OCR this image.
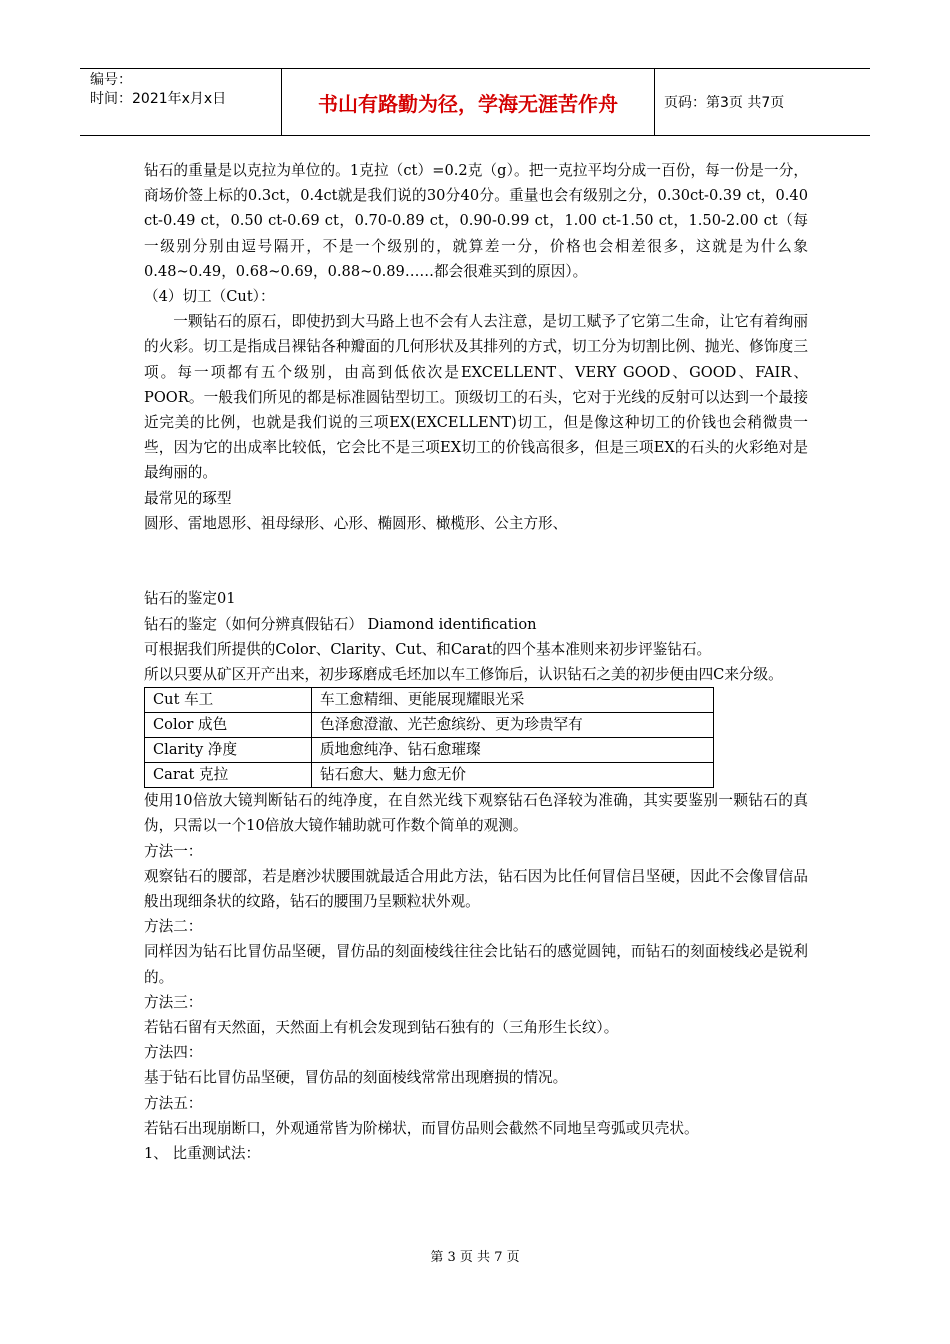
编号：
时间：2021年x月x日	书山有路勤为径，学海无涯苦作舟	页码：第3页 共7页

钻石的重量是以克拉为单位的。1克拉（ct）=0.2克（g）。把一克拉平均分成一百份，每一份是一分，商场价签上标的0.3ct，0.4ct就是我们说的30分40分。重量也会有级别之分，0.30ct-0.39 ct，0.40 ct-0.49 ct，0.50 ct-0.69 ct，0.70-0.89 ct，0.90-0.99 ct，1.00 ct-1.50 ct，1.50-2.00 ct（每一级别分别由逗号隔开，不是一个级别的，就算差一分，价格也会相差很多，这就是为什么象0.48~0.49，0.68~0.69，0.88~0.89……都会很难买到的原因）。

（4）切工（Cut）：

一颗钻石的原石，即使扔到大马路上也不会有人去注意，是切工赋予了它第二生命，让它有着绚丽的火彩。切工是指成吕裸钻各种瓣面的几何形状及其排列的方式，切工分为切割比例、抛光、修饰度三项。每一项都有五个级别，由高到低依次是EXCELLENT、VERY GOOD、GOOD、FAIR、POOR。一般我们所见的都是标准圆钻型切工。顶级切工的石头，它对于光线的反射可以达到一个最接近完美的比例，也就是我们说的三项EX(EXCELLENT)切工，但是像这种切工的价钱也会稍微贵一些，因为它的出成率比较低，它会比不是三项EX切工的价钱高很多，但是三项EX的石头的火彩绝对是最绚丽的。

最常见的琢型

圆形、雷地恩形、祖母绿形、心形、椭圆形、橄榄形、公主方形、

钻石的鉴定01

钻石的鉴定（如何分辨真假钻石） Diamond identification

可根据我们所提供的Color、Clarity、Cut、和Carat的四个基本准则来初步评鉴钻石。

所以只要从矿区开产出来，初步琢磨成毛坯加以车工修饰后，认识钻石之美的初步便由四C来分级。

Cut 车工	车工愈精细、更能展现耀眼光采
Color 成色	色泽愈澄澈、光芒愈缤纷、更为珍贵罕有
Clarity 净度	质地愈纯净、钻石愈璀璨
Carat 克拉	钻石愈大、魅力愈无价

使用10倍放大镜判断钻石的纯净度，在自然光线下观察钻石色泽较为准确，其实要鉴别一颗钻石的真伪，只需以一个10倍放大镜作辅助就可作数个简单的观测。

方法一：

观察钻石的腰部，若是磨沙状腰围就最适合用此方法，钻石因为比任何冒信吕坚硬，因此不会像冒信品般出现细条状的纹路，钻石的腰围乃呈颗粒状外观。

方法二：

同样因为钻石比冒仿品坚硬，冒仿品的刻面棱线往往会比钻石的感觉圆钝，而钻石的刻面棱线必是锐利的。

方法三：

若钻石留有天然面，天然面上有机会发现到钻石独有的（三角形生长纹）。

方法四：

基于钻石比冒仿品坚硬，冒仿品的刻面棱线常常出现磨损的情况。

方法五：

若钻石出现崩断口，外观通常皆为阶梯状，而冒仿品则会截然不同地呈弯弧或贝壳状。

1、 比重测试法：

第 3 页 共 7 页
